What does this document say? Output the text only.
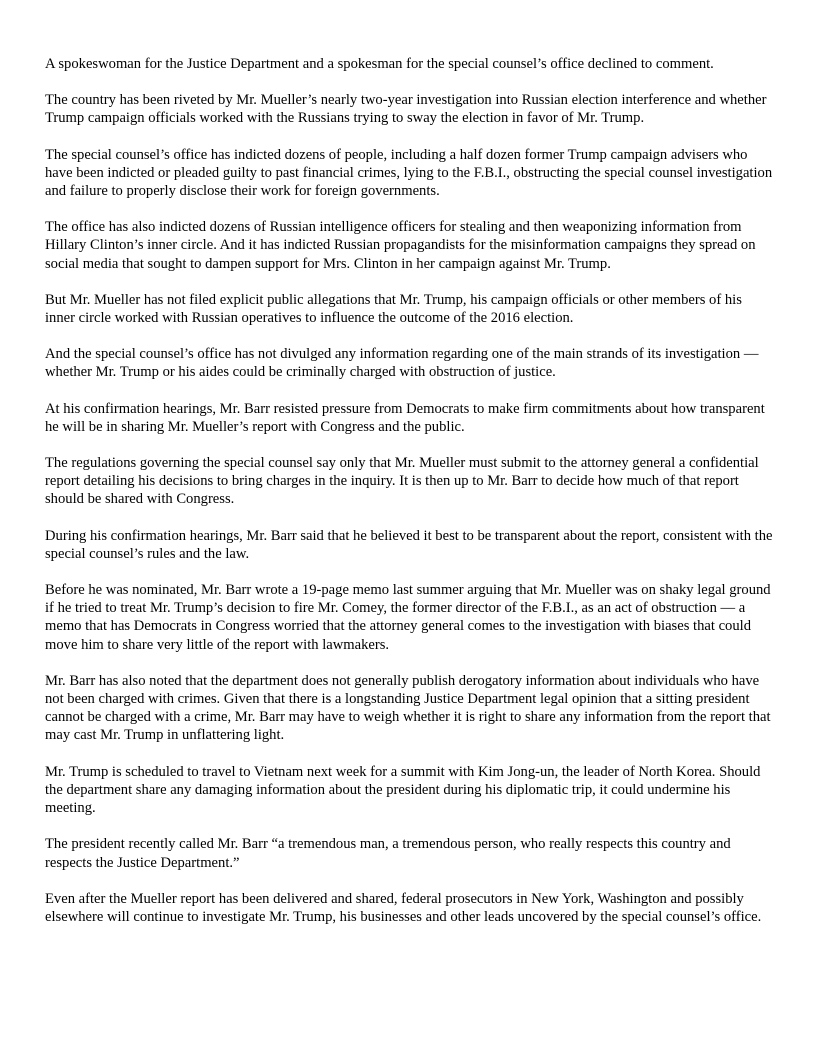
A spokeswoman for the Justice Department and a spokesman for the special counsel’s office declined to comment.

The country has been riveted by Mr. Mueller’s nearly two-year investigation into Russian election interference and whether Trump campaign officials worked with the Russians trying to sway the election in favor of Mr. Trump.

The special counsel’s office has indicted dozens of people, including a half dozen former Trump campaign advisers who have been indicted or pleaded guilty to past financial crimes, lying to the F.B.I., obstructing the special counsel investigation and failure to properly disclose their work for foreign governments.

The office has also indicted dozens of Russian intelligence officers for stealing and then weaponizing information from Hillary Clinton’s inner circle. And it has indicted Russian propagandists for the misinformation campaigns they spread on social media that sought to dampen support for Mrs. Clinton in her campaign against Mr. Trump.

But Mr. Mueller has not filed explicit public allegations that Mr. Trump, his campaign officials or other members of his inner circle worked with Russian operatives to influence the outcome of the 2016 election.

And the special counsel’s office has not divulged any information regarding one of the main strands of its investigation — whether Mr. Trump or his aides could be criminally charged with obstruction of justice.

At his confirmation hearings, Mr. Barr resisted pressure from Democrats to make firm commitments about how transparent he will be in sharing Mr. Mueller’s report with Congress and the public.

The regulations governing the special counsel say only that Mr. Mueller must submit to the attorney general a confidential report detailing his decisions to bring charges in the inquiry. It is then up to Mr. Barr to decide how much of that report should be shared with Congress.

During his confirmation hearings, Mr. Barr said that he believed it best to be transparent about the report, consistent with the special counsel’s rules and the law.

Before he was nominated, Mr. Barr wrote a 19-page memo last summer arguing that Mr. Mueller was on shaky legal ground if he tried to treat Mr. Trump’s decision to fire Mr. Comey, the former director of the F.B.I., as an act of obstruction — a memo that has Democrats in Congress worried that the attorney general comes to the investigation with biases that could move him to share very little of the report with lawmakers.

Mr. Barr has also noted that the department does not generally publish derogatory information about individuals who have not been charged with crimes. Given that there is a longstanding Justice Department legal opinion that a sitting president cannot be charged with a crime, Mr. Barr may have to weigh whether it is right to share any information from the report that may cast Mr. Trump in unflattering light.

Mr. Trump is scheduled to travel to Vietnam next week for a summit with Kim Jong-un, the leader of North Korea. Should the department share any damaging information about the president during his diplomatic trip, it could undermine his meeting.

The president recently called Mr. Barr “a tremendous man, a tremendous person, who really respects this country and respects the Justice Department.”

Even after the Mueller report has been delivered and shared, federal prosecutors in New York, Washington and possibly elsewhere will continue to investigate Mr. Trump, his businesses and other leads uncovered by the special counsel’s office.
